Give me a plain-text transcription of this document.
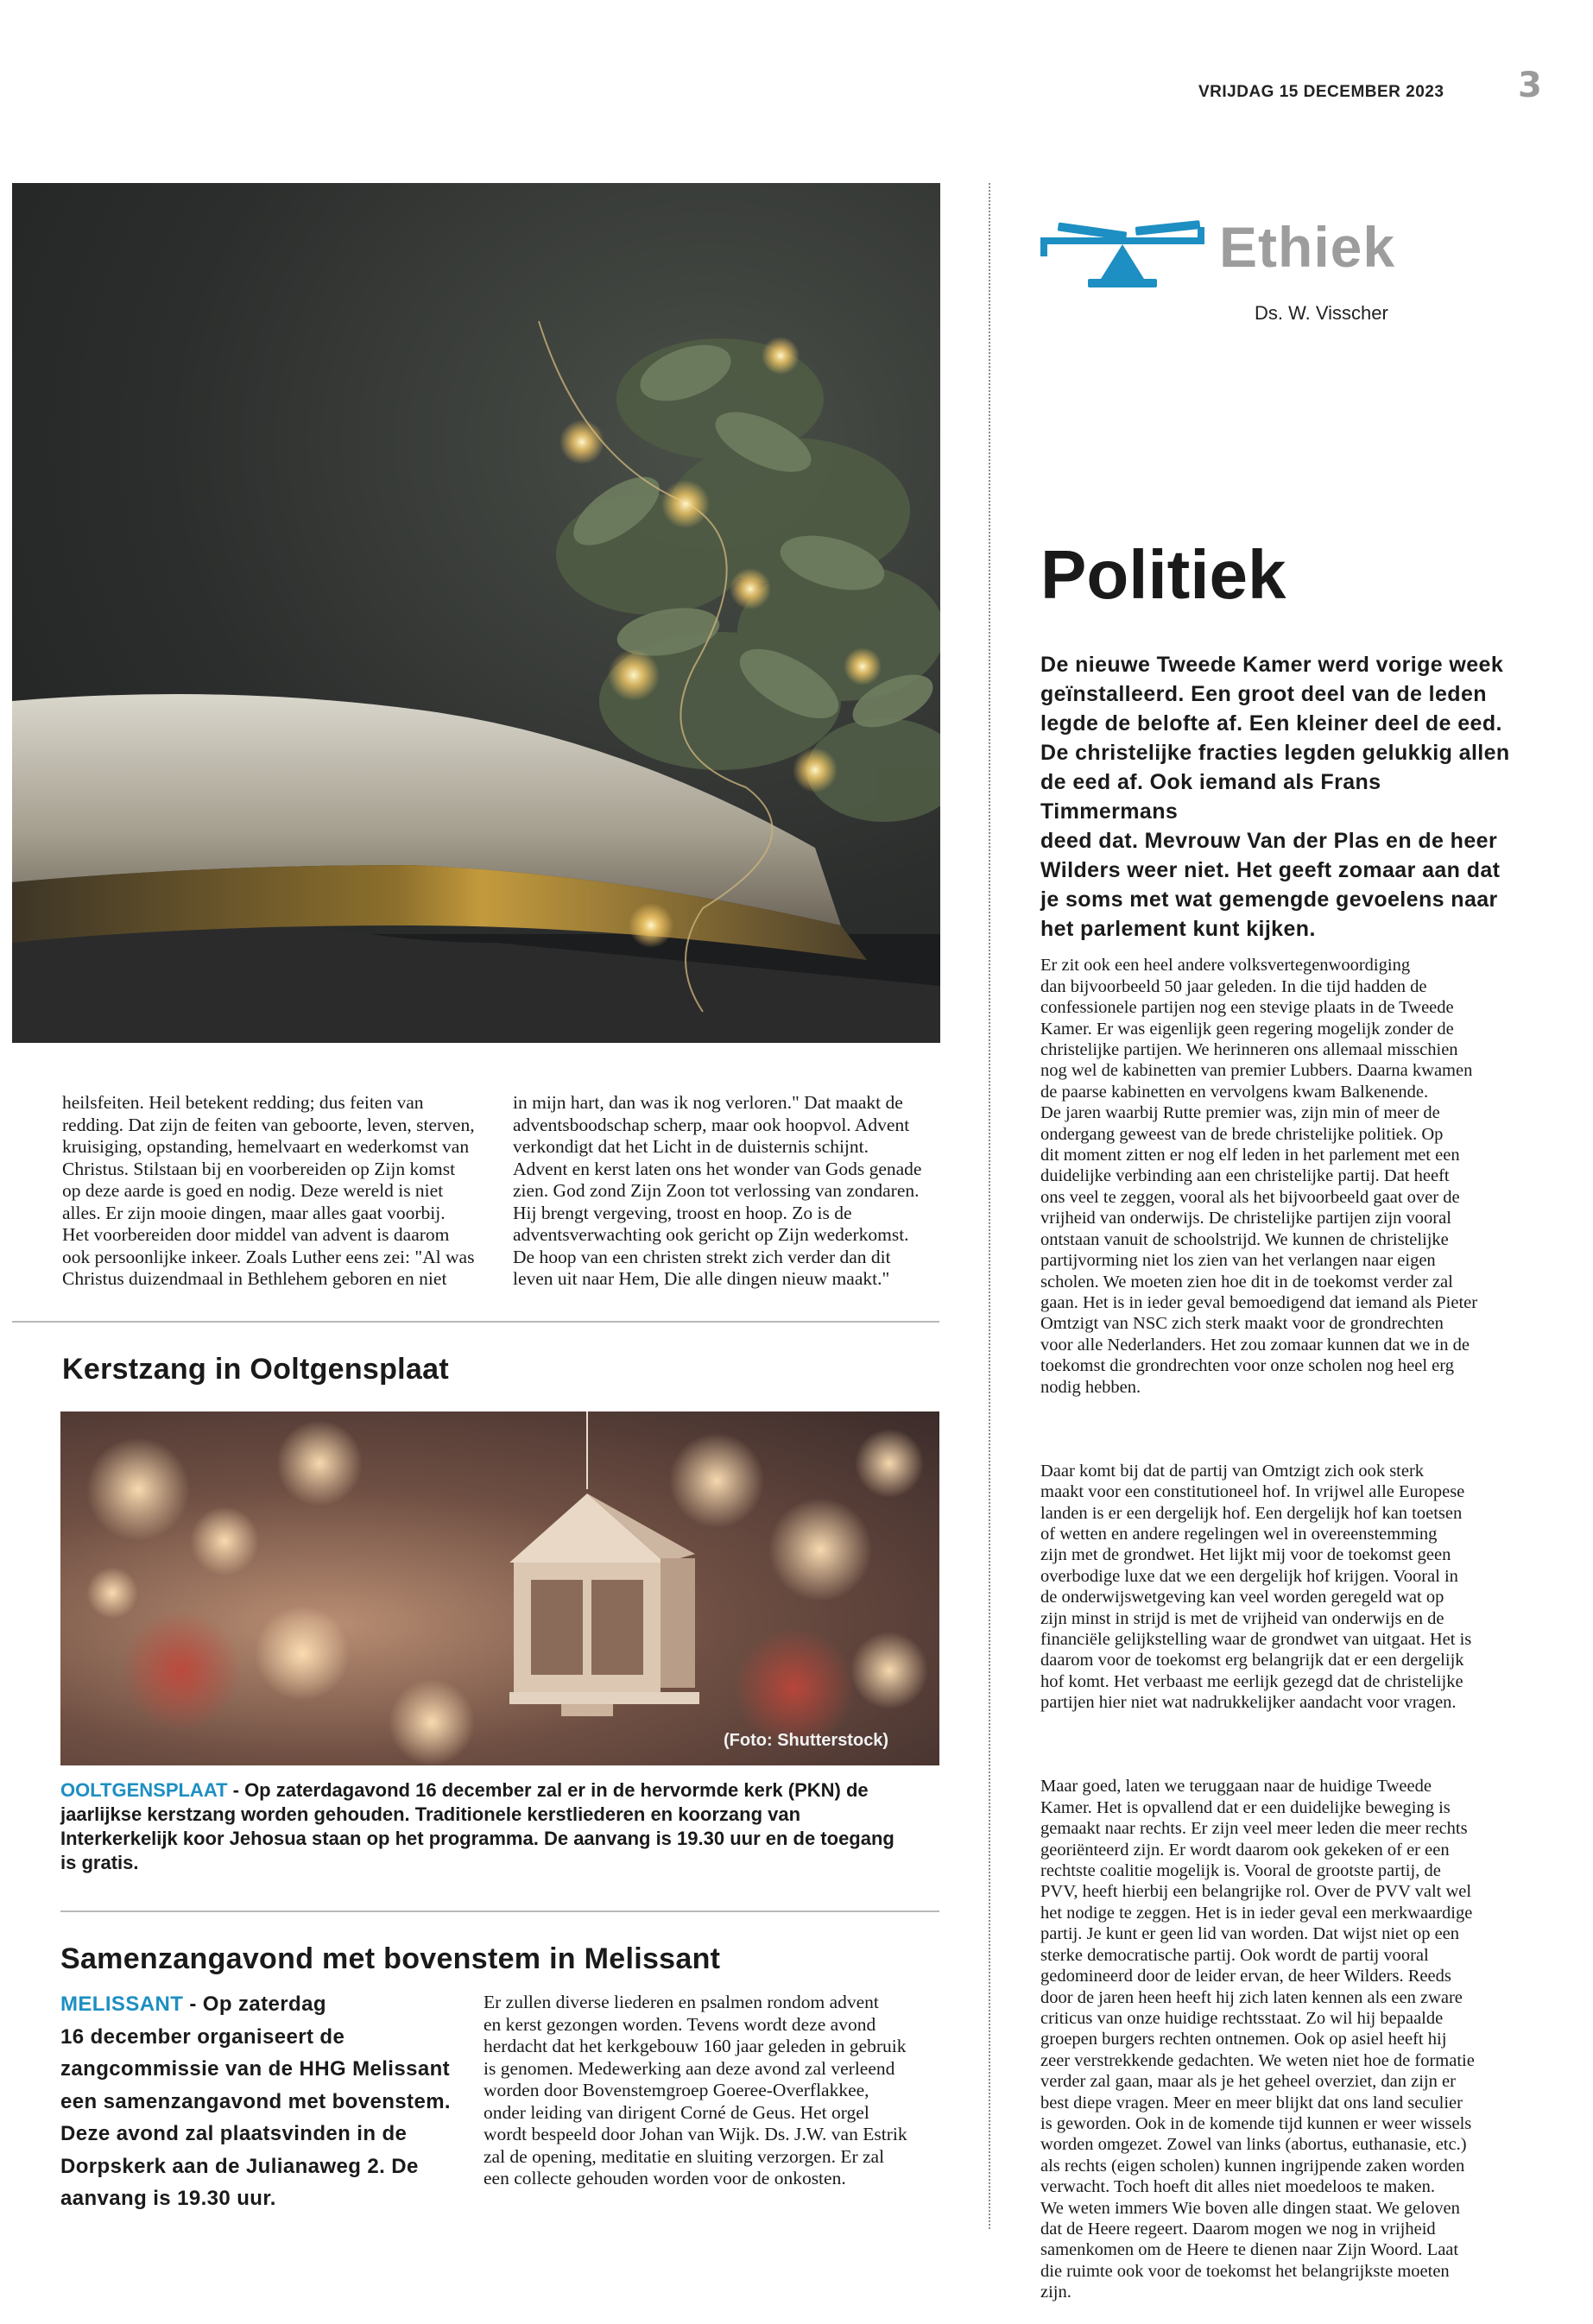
VRIJDAG 15 DECEMBER 2023 3
heilsfeiten. Heil betekent redding; dus feiten van
redding. Dat zijn de feiten van geboorte, leven, sterven,
kruisiging, opstanding, hemelvaart en wederkomst van
Christus. Stilstaan bij en voorbereiden op Zijn komst
op deze aarde is goed en nodig. Deze wereld is niet
alles. Er zijn mooie dingen, maar alles gaat voorbij.
Het voorbereiden door middel van advent is daarom
ook persoonlijke inkeer. Zoals Luther eens zei: "Al was
Christus duizendmaal in Bethlehem geboren en niet
in mijn hart, dan was ik nog verloren." Dat maakt de
adventsboodschap scherp, maar ook hoopvol. Advent
verkondigt dat het Licht in de duisternis schijnt.
Advent en kerst laten ons het wonder van Gods genade
zien. God zond Zijn Zoon tot verlossing van zondaren.
Hij brengt vergeving, troost en hoop. Zo is de
adventsverwachting ook gericht op Zijn wederkomst.
De hoop van een christen strekt zich verder dan dit
leven uit naar Hem, Die alle dingen nieuw maakt."
Kerstzang in Ooltgensplaat
(Foto: Shutterstock)
OOLTGENSPLAAT - Op zaterdagavond 16 december zal er in de hervormde kerk (PKN) de jaarlijkse kerstzang worden gehouden. Traditionele kerstliederen en koorzang van Interkerkelijk koor Jehosua staan op het programma. De aanvang is 19.30 uur en de toegang is gratis.
Samenzangavond met bovenstem in Melissant
MELISSANT - Op zaterdag
16 december organiseert de
zangcommissie van de HHG Melissant
een samenzangavond met bovenstem.
Deze avond zal plaatsvinden in de
Dorpskerk aan de Julianaweg 2. De
aanvang is 19.30 uur.
Er zullen diverse liederen en psalmen rondom advent
en kerst gezongen worden. Tevens wordt deze avond
herdacht dat het kerkgebouw 160 jaar geleden in gebruik
is genomen. Medewerking aan deze avond zal verleend
worden door Bovenstemgroep Goeree-Overflakkee,
onder leiding van dirigent Corné de Geus. Het orgel
wordt bespeeld door Johan van Wijk. Ds. J.W. van Estrik
zal de opening, meditatie en sluiting verzorgen. Er zal
een collecte gehouden worden voor de onkosten.
Ethiek
Ds. W. Visscher
Politiek
De nieuwe Tweede Kamer werd vorige week
geïnstalleerd. Een groot deel van de leden
legde de belofte af. Een kleiner deel de eed.
De christelijke fracties legden gelukkig allen
de eed af. Ook iemand als Frans Timmermans
deed dat. Mevrouw Van der Plas en de heer
Wilders weer niet. Het geeft zomaar aan dat
je soms met wat gemengde gevoelens naar
het parlement kunt kijken.

Er zit ook een heel andere volksvertegenwoordiging
dan bijvoorbeeld 50 jaar geleden. In die tijd hadden de
confessionele partijen nog een stevige plaats in de Tweede
Kamer. Er was eigenlijk geen regering mogelijk zonder de
christelijke partijen. We herinneren ons allemaal misschien
nog wel de kabinetten van premier Lubbers. Daarna kwamen
de paarse kabinetten en vervolgens kwam Balkenende.
De jaren waarbij Rutte premier was, zijn min of meer de
ondergang geweest van de brede christelijke politiek. Op
dit moment zitten er nog elf leden in het parlement met een
duidelijke verbinding aan een christelijke partij. Dat heeft
ons veel te zeggen, vooral als het bijvoorbeeld gaat over de
vrijheid van onderwijs. De christelijke partijen zijn vooral
ontstaan vanuit de schoolstrijd. We kunnen de christelijke
partijvorming niet los zien van het verlangen naar eigen
scholen. We moeten zien hoe dit in de toekomst verder zal
gaan. Het is in ieder geval bemoedigend dat iemand als Pieter
Omtzigt van NSC zich sterk maakt voor de grondrechten
voor alle Nederlanders. Het zou zomaar kunnen dat we in de
toekomst die grondrechten voor onze scholen nog heel erg
nodig hebben.

Daar komt bij dat de partij van Omtzigt zich ook sterk
maakt voor een constitutioneel hof. In vrijwel alle Europese
landen is er een dergelijk hof. Een dergelijk hof kan toetsen
of wetten en andere regelingen wel in overeenstemming
zijn met de grondwet. Het lijkt mij voor de toekomst geen
overbodige luxe dat we een dergelijk hof krijgen. Vooral in
de onderwijswetgeving kan veel worden geregeld wat op
zijn minst in strijd is met de vrijheid van onderwijs en de
financiële gelijkstelling waar de grondwet van uitgaat. Het is
daarom voor de toekomst erg belangrijk dat er een dergelijk
hof komt. Het verbaast me eerlijk gezegd dat de christelijke
partijen hier niet wat nadrukkelijker aandacht voor vragen.

Maar goed, laten we teruggaan naar de huidige Tweede
Kamer. Het is opvallend dat er een duidelijke beweging is
gemaakt naar rechts. Er zijn veel meer leden die meer rechts
georiënteerd zijn. Er wordt daarom ook gekeken of er een
rechtste coalitie mogelijk is. Vooral de grootste partij, de
PVV, heeft hierbij een belangrijke rol. Over de PVV valt wel
het nodige te zeggen. Het is in ieder geval een merkwaardige
partij. Je kunt er geen lid van worden. Dat wijst niet op een
sterke democratische partij. Ook wordt de partij vooral
gedomineerd door de leider ervan, de heer Wilders. Reeds
door de jaren heen heeft hij zich laten kennen als een zware
criticus van onze huidige rechtsstaat. Zo wil hij bepaalde
groepen burgers rechten ontnemen. Ook op asiel heeft hij
zeer verstrekkende gedachten. We weten niet hoe de formatie
verder zal gaan, maar als je het geheel overziet, dan zijn er
best diepe vragen. Meer en meer blijkt dat ons land seculier
is geworden. Ook in de komende tijd kunnen er weer wissels
worden omgezet. Zowel van links (abortus, euthanasie, etc.)
als rechts (eigen scholen) kunnen ingrijpende zaken worden
verwacht. Toch hoeft dit alles niet moedeloos te maken.
We weten immers Wie boven alle dingen staat. We geloven
dat de Heere regeert. Daarom mogen we nog in vrijheid
samenkomen om de Heere te dienen naar Zijn Woord. Laat
die ruimte ook voor de toekomst het belangrijkste moeten
zijn.
